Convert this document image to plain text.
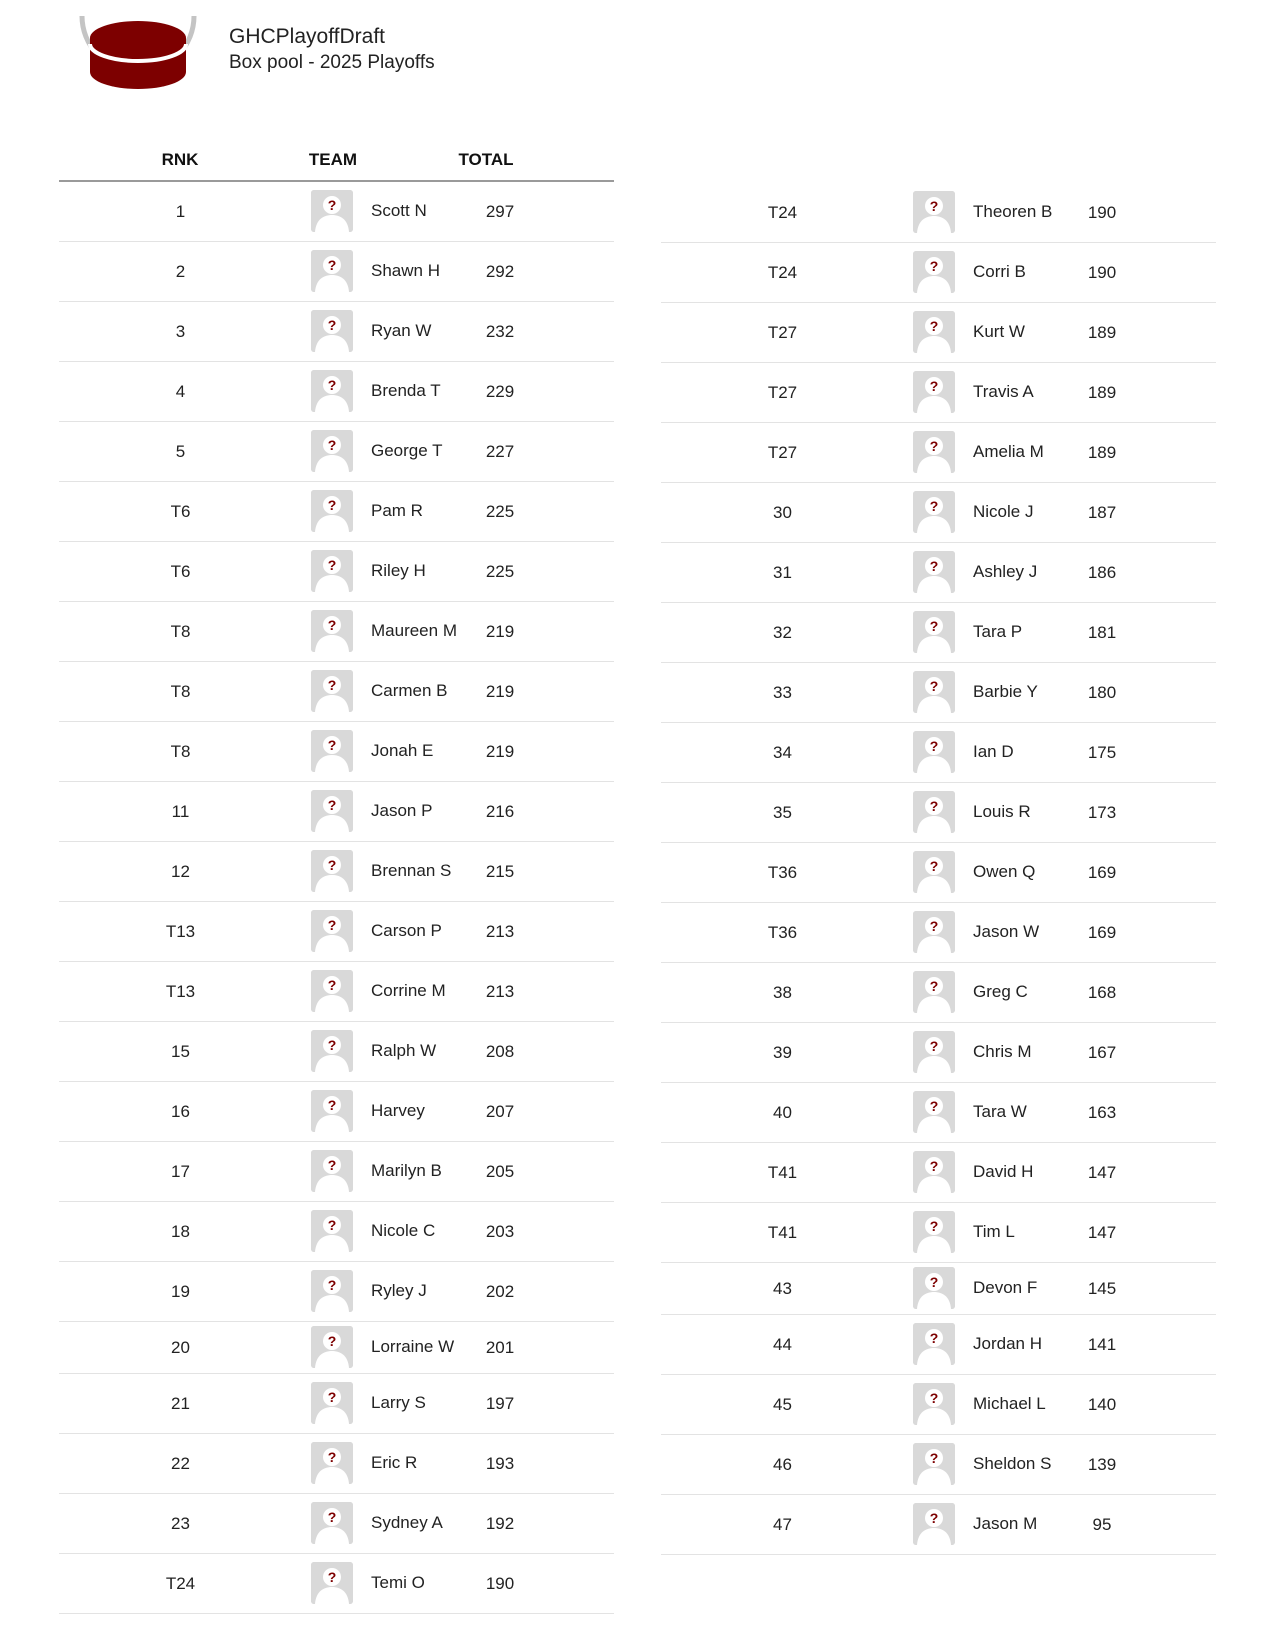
GHCPlayoffDraft
Box pool - 2025 Playoffs
RNK	TEAM	TOTAL
1	? Scott N	297
2	? Shawn H	292
3	? Ryan W	232
4	? Brenda T	229
5	? George T	227
T6	? Pam R	225
T6	? Riley H	225
T8	? Maureen M	219
T8	? Carmen B	219
T8	? Jonah E	219
11	? Jason P	216
12	? Brennan S	215
T13	? Carson P	213
T13	? Corrine M	213
15	? Ralph W	208
16	? Harvey	207
17	? Marilyn B	205
18	? Nicole C	203
19	? Ryley J	202
20	? Lorraine W	201
21	? Larry S	197
22	? Eric R	193
23	? Sydney A	192
T24	? Temi O	190
T24	? Theoren B	190
T24	? Corri B	190
T27	? Kurt W	189
T27	? Travis A	189
T27	? Amelia M	189
30	? Nicole J	187
31	? Ashley J	186
32	? Tara P	181
33	? Barbie Y	180
34	? Ian D	175
35	? Louis R	173
T36	? Owen Q	169
T36	? Jason W	169
38	? Greg C	168
39	? Chris M	167
40	? Tara W	163
T41	? David H	147
T41	? Tim L	147
43	? Devon F	145
44	? Jordan H	141
45	? Michael L	140
46	? Sheldon S	139
47	? Jason M	95
